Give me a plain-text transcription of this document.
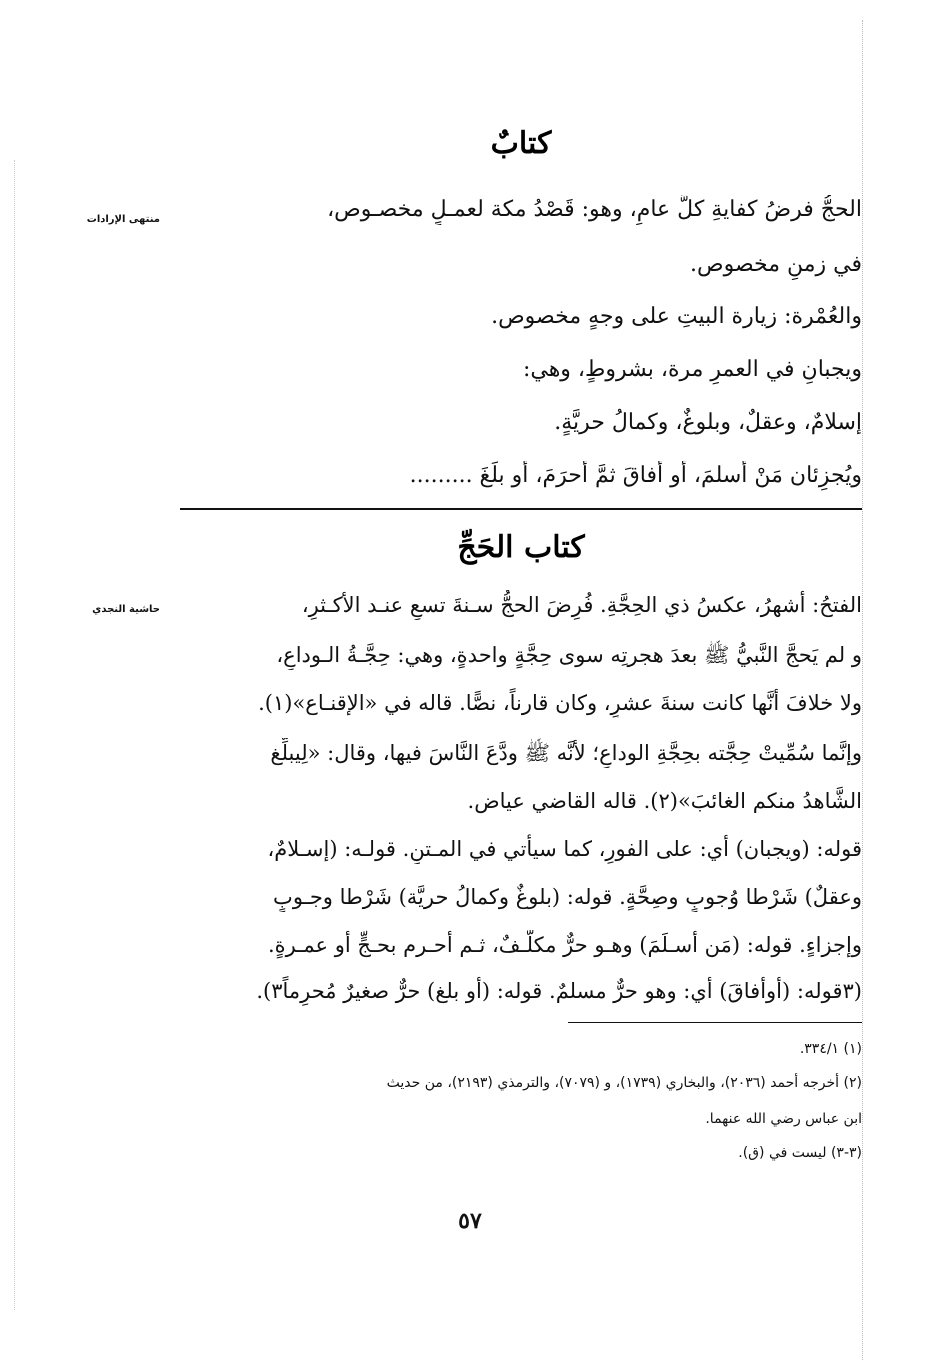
كتابٌ
منتهى الإرادات	الحجُّ فرضُ كفايةِ كلَّ عامٍ، وهو: قَصْدُ مكة لعمـلٍ مخصـوص،
في زمنٍ مخصوص.
والعُمْرة: زيارة البيتِ على وجهٍ مخصوص.
ويجبانِ في العمرِ مرة، بشروطٍ، وهي:
إسلامٌ، وعقلٌ، وبلوغٌ، وكمالُ حريَّةٍ.
ويُجزِئان مَنْ أسلمَ، أو أفاقَ ثمَّ أحرَمَ، أو بلَغَ .........
كتاب الحَجِّ
حاشية النجدي	الفتحُ: أشهرُ، عكسُ ذي الحِجَّةِ. فُرِضَ الحجُّ سـنةَ تسعٍ عنـد الأكـثرِ،
و لم يَحجَّ النَّبيُّ ﷺ بعدَ هجرتِه سوى حِجَّةٍ واحدةٍ، وهي: حِجَّـةُ الـوداعِ،
ولا خلافَ أنَّها كانت سنةَ عشرٍ، وكان قارناً، نصًّا. قاله في «الإقنـاع»(١).
وإنَّما سُمِّيتْ حِجَّته بحِجَّةِ الوداعِ؛ لأنَّه ﷺ ودَّعَ النَّاسَ فيها، وقال: «لِيبلِّغ
الشَّاهدُ منكم الغائبَ»(٢). قاله القاضي عياض.
قوله: (ويجبان) أي: على الفورِ، كما سيأتي في المـتنِ. قولـه: (إسـلامٌ،
وعقلٌ) شَرْطا وُجوبٍ وصِحَّةٍ. قوله: (بلوغٌ وكمالُ حريَّة) شَرْطا وجـوبٍ
وإجزاءٍ. قوله: (مَن أسـلَمَ) وهـو حرٌّ مكلَّـفٌ، ثـم أحـرم بحـجٍّ أو عمـرةٍ.
(٣قوله: (أوأفاقَ) أي: وهو حرٌّ مسلمٌ. قوله: (أو بلغ) حرٌّ صغيرٌ مُحرِماً٣).
(١) ٣٣٤/١.
(٢) أخرجه أحمد (٢٠٣٦)، والبخاري (١٧٣٩)، و (٧٠٧٩)، والترمذي (٢١٩٣)، من حديث
ابن عباس رضي الله عنهما.
(٣-٣) ليست في (ق).
٥٧
